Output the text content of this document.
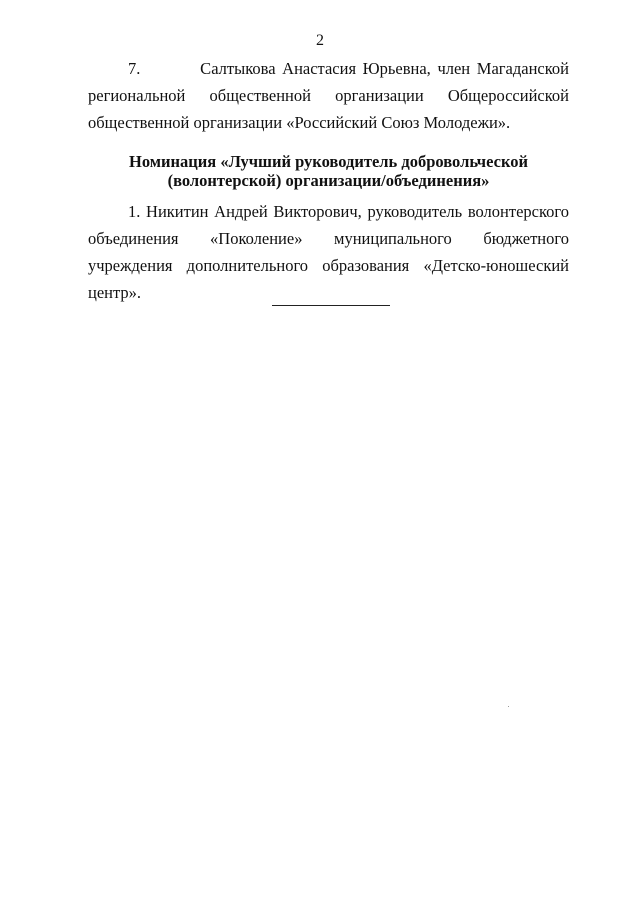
2

7.         Салтыкова Анастасия Юрьевна, член Магаданской региональной общественной организации Общероссийской общественной организации «Российский Союз Молодежи».

Номинация «Лучший руководитель добровольческой
(волонтерской) организации/объединения»

1. Никитин Андрей Викторович, руководитель волонтерского объединения «Поколение» муниципального бюджетного учреждения дополнительного образования «Детско-юношеский центр».
